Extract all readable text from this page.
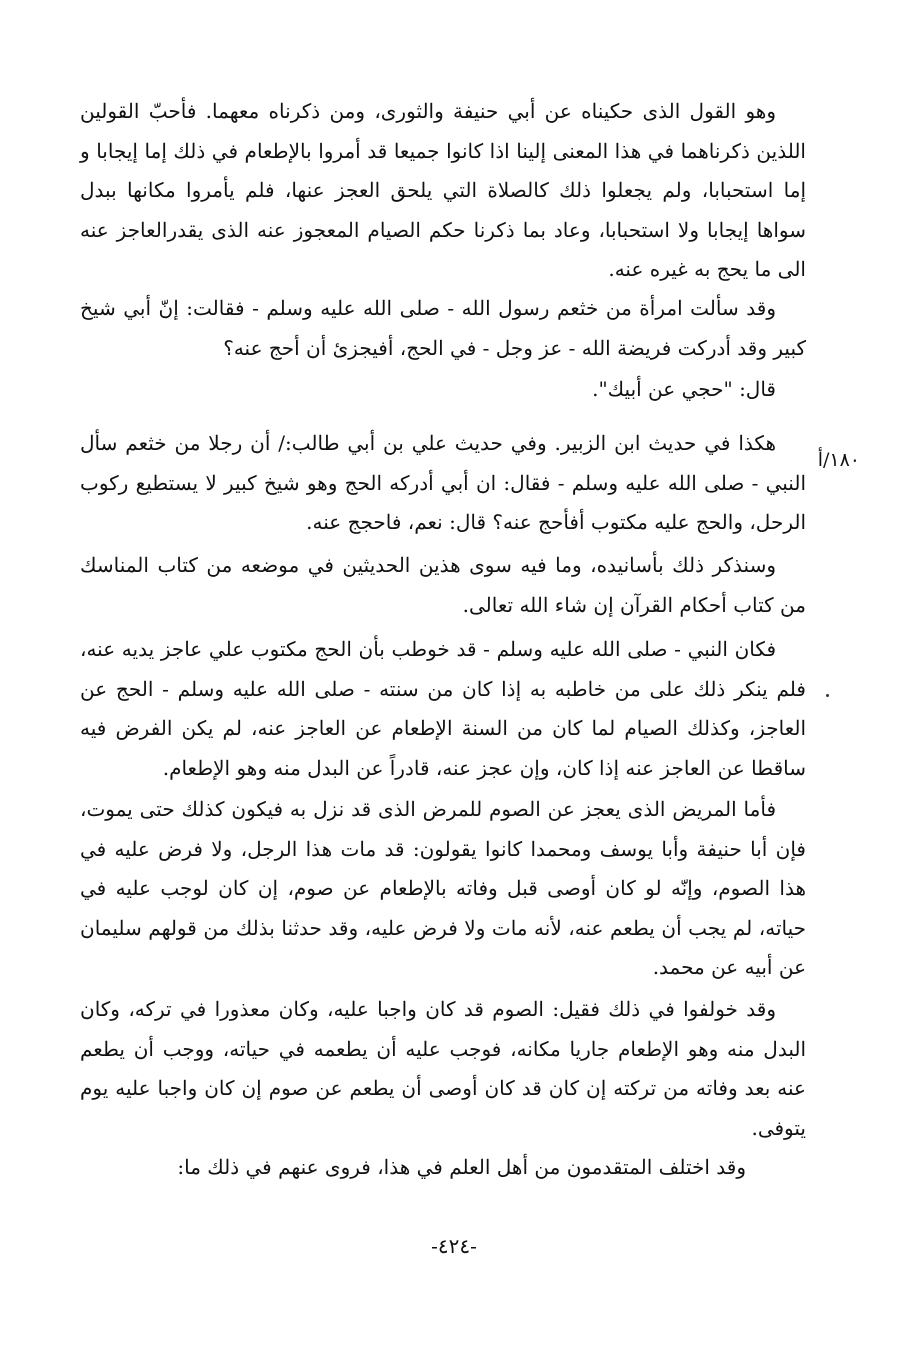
وهو القول الذى حكيناه عن أبي حنيفة والثورى، ومن ذكرناه معهما. فأحبّ القولين اللذين ذكرناهما في هذا المعنى إلينا اذا كانوا جميعا قد أمروا بالإطعام في ذلك إما إيجابا و إما استحبابا، ولم يجعلوا ذلك كالصلاة التي يلحق العجز عنها، فلم يأمروا مكانها ببدل سواها إيجابا ولا استحبابا، وعاد بما ذكرنا حكم الصيام المعجوز عنه الذى يقدرالعاجز عنه الى ما يحج به غيره عنه.

وقد سألت امرأة من خثعم رسول الله - صلى الله عليه وسلم - فقالت: إنّ أبي شيخ كبير وقد أدركت فريضة الله - عز وجل - في الحج، أفيجزئ أن أحج عنه؟

قال: "حجي عن أبيك".

هكذا في حديث ابن الزبير. وفي حديث علي بن أبي طالب:/ أن رجلا من خثعم سأل النبي - صلى الله عليه وسلم - فقال: ان أبي أدركه الحج وهو شيخ كبير لا يستطيع ركوب الرحل، والحج عليه مكتوب أفأحج عنه؟ قال: نعم، فاحجج عنه.

وسنذكر ذلك بأسانيده، وما فيه سوى هذين الحديثين في موضعه من كتاب المناسك من كتاب أحكام القرآن إن شاء الله تعالى.

فكان النبي - صلى الله عليه وسلم - قد خوطب بأن الحج مكتوب علي عاجز يديه عنه، فلم ينكر ذلك على من خاطبه به إذا كان من سنته - صلى الله عليه وسلم - الحج عن العاجز، وكذلك الصيام لما كان من السنة الإطعام عن العاجز عنه، لم يكن الفرض فيه ساقطا عن العاجز عنه إذا كان، وإن عجز عنه، قادراً عن البدل منه وهو الإطعام.

فأما المريض الذى يعجز عن الصوم للمرض الذى قد نزل به فيكون كذلك حتى يموت، فإن أبا حنيفة وأبا يوسف ومحمدا كانوا يقولون: قد مات هذا الرجل، ولا فرض عليه في هذا الصوم، وإنّه لو كان أوصى قبل وفاته بالإطعام عن صوم، إن كان لوجب عليه في حياته، لم يجب أن يطعم عنه، لأنه مات ولا فرض عليه، وقد حدثنا بذلك من قولهم سليمان عن أبيه عن محمد.

وقد خولفوا في ذلك فقيل: الصوم قد كان واجبا عليه، وكان معذورا في تركه، وكان البدل منه وهو الإطعام جاريا مكانه، فوجب عليه أن يطعمه في حياته، ووجب أن يطعم عنه بعد وفاته من تركته إن كان قد كان أوصى أن يطعم عن صوم إن كان واجبا عليه يوم يتوفى.

وقد اختلف المتقدمون من أهل العلم في هذا، فروى عنهم في ذلك ما:

١٨٠/أ
-٤٢٤-
